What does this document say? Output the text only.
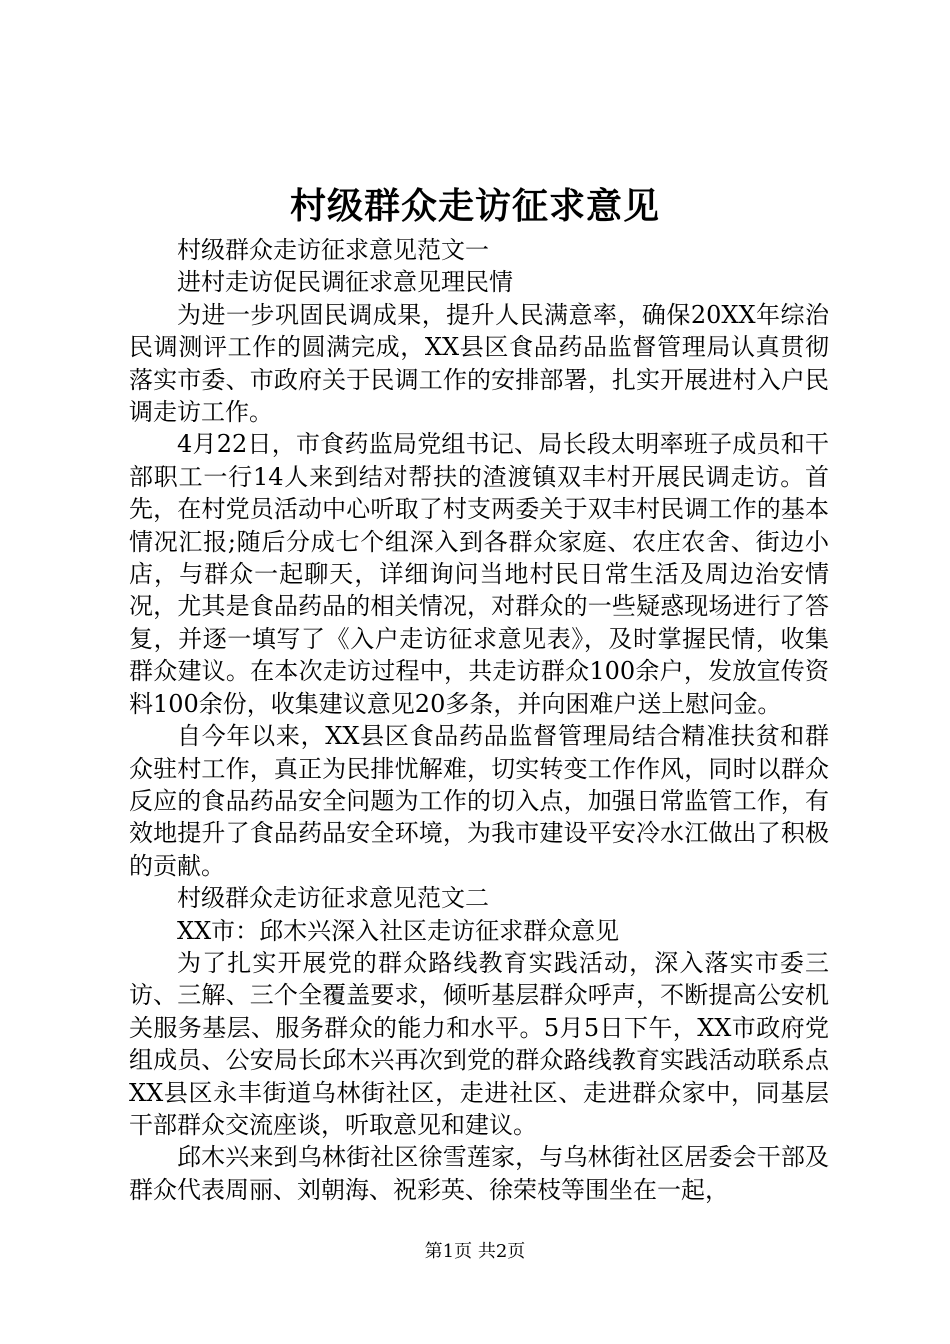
村级群众走访征求意见

村级群众走访征求意见范文一

进村走访促民调征求意见理民情

为进一步巩固民调成果，提升人民满意率，确保20XX年综治民调测评工作的圆满完成，XX县区食品药品监督管理局认真贯彻落实市委、市政府关于民调工作的安排部署，扎实开展进村入户民调走访工作。

4月22日，市食药监局党组书记、局长段太明率班子成员和干部职工一行14人来到结对帮扶的渣渡镇双丰村开展民调走访。首先，在村党员活动中心听取了村支两委关于双丰村民调工作的基本情况汇报;随后分成七个组深入到各群众家庭、农庄农舍、街边小店，与群众一起聊天，详细询问当地村民日常生活及周边治安情况，尤其是食品药品的相关情况，对群众的一些疑惑现场进行了答复，并逐一填写了《入户走访征求意见表》，及时掌握民情，收集群众建议。在本次走访过程中，共走访群众100余户，发放宣传资料100余份，收集建议意见20多条，并向困难户送上慰问金。

自今年以来，XX县区食品药品监督管理局结合精准扶贫和群众驻村工作，真正为民排忧解难，切实转变工作作风，同时以群众反应的食品药品安全问题为工作的切入点，加强日常监管工作，有效地提升了食品药品安全环境，为我市建设平安冷水江做出了积极的贡献。

村级群众走访征求意见范文二

XX市：邱木兴深入社区走访征求群众意见

为了扎实开展党的群众路线教育实践活动，深入落实市委三访、三解、三个全覆盖要求，倾听基层群众呼声，不断提高公安机关服务基层、服务群众的能力和水平。5月5日下午，XX市政府党组成员、公安局长邱木兴再次到党的群众路线教育实践活动联系点XX县区永丰街道乌林街社区，走进社区、走进群众家中，同基层干部群众交流座谈，听取意见和建议。

邱木兴来到乌林街社区徐雪莲家，与乌林街社区居委会干部及群众代表周丽、刘朝海、祝彩英、徐荣枝等围坐在一起，

第1页 共2页
